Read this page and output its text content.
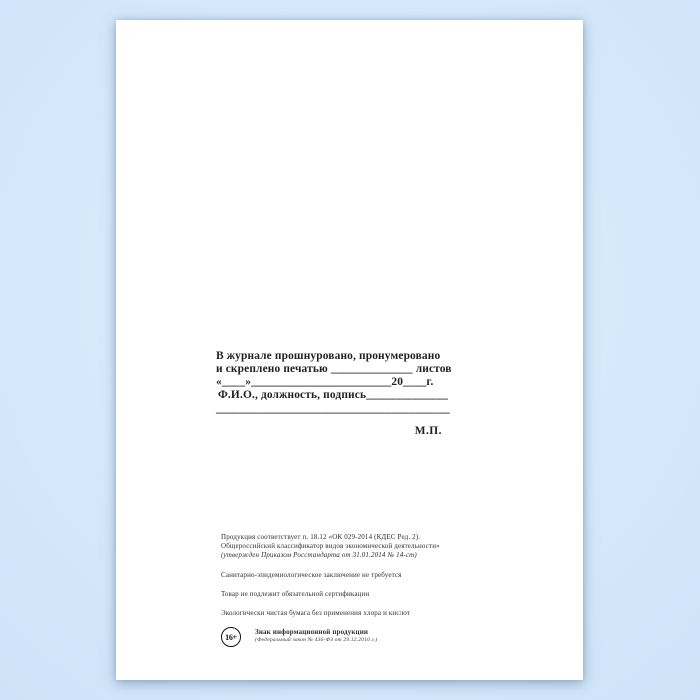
В журнале прошнуровано, пронумеровано
и скреплено печатью ______________ листов
«____»________________________20____г.
Ф.И.О., должность, подпись______________
________________________________________
М.П.
Продукция соответствует п. 18.12 «ОК 029-2014 (КДЕС Ред. 2).
Общероссийский классификатор видов экономической деятельности»
(утвержден Приказом Росстандарта от 31.01.2014 № 14-ст)
Санитарно-эпидемиологическое заключение не требуется
Товар не подлежит обязательной сертификации
Экологически чистая бумага без применения хлора и кислот
16+
Знак информационной продукции
(Федеральный закон № 436-ФЗ от 29.12.2010 г.)
